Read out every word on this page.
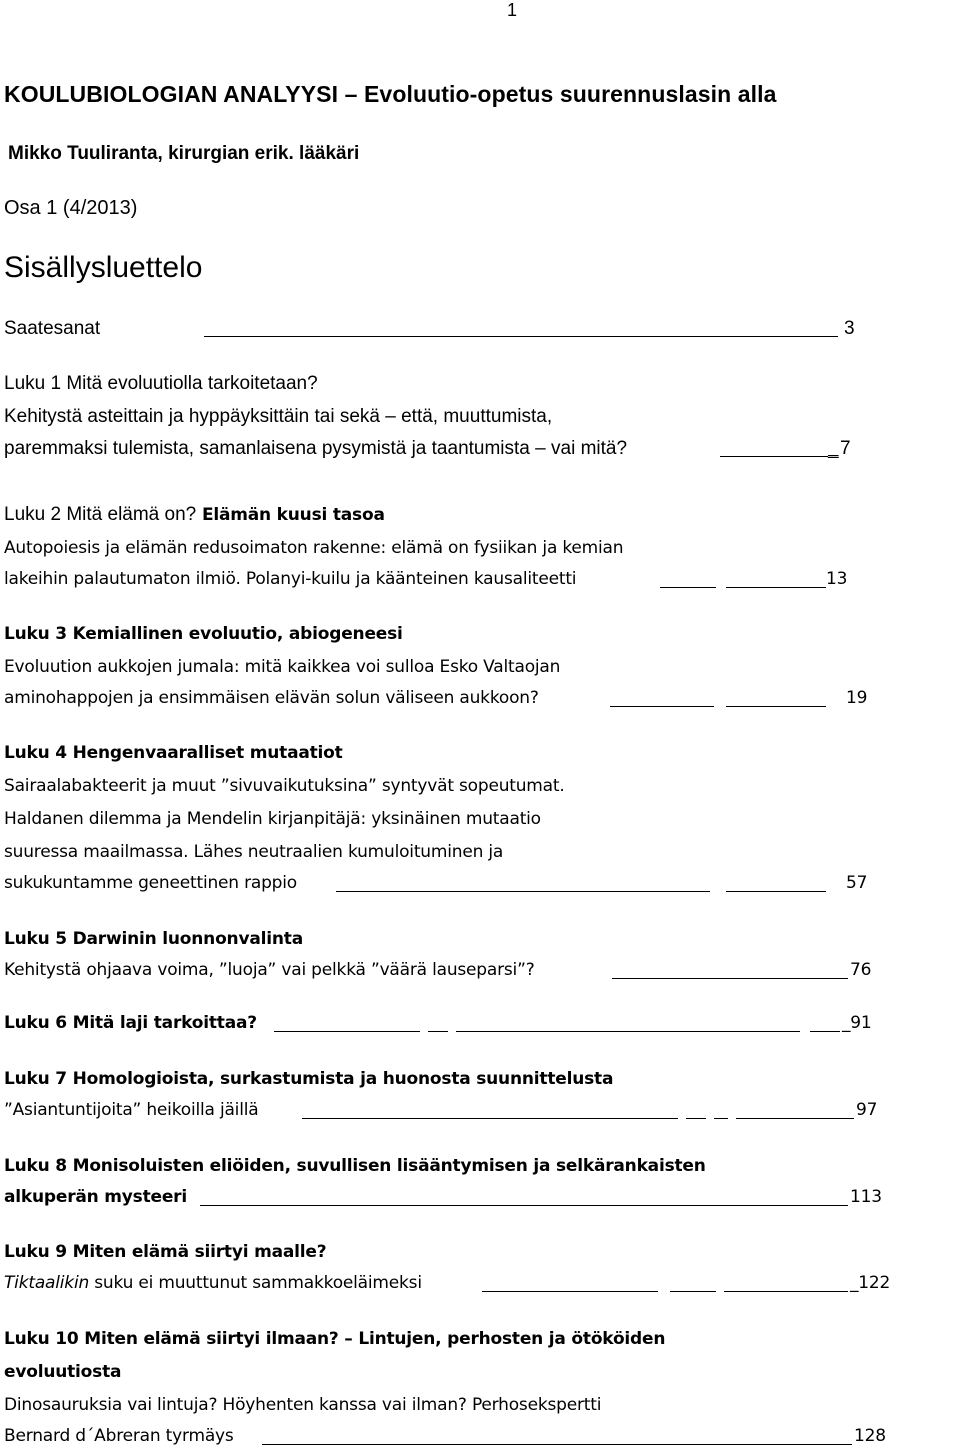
1
KOULUBIOLOGIAN ANALYYSI – Evoluutio-opetus suurennuslasin alla
Mikko Tuuliranta, kirurgian erik. lääkäri
Osa 1 (4/2013)
Sisällysluettelo
Saatesanat	3
Luku 1 Mitä evoluutiolla tarkoitetaan?
Kehitystä asteittain ja hyppäyksittäin tai sekä – että, muuttumista,
paremmaksi tulemista, samanlaisena pysymistä ja taantumista – vai mitä?	_ 7
Luku 2 Mitä elämä on? Elämän kuusi tasoa
Autopoiesis ja elämän redusoimaton rakenne: elämä on fysiikan ja kemian
lakeihin palautumaton ilmiö. Polanyi-kuilu ja käänteinen kausaliteetti	13
Luku 3 Kemiallinen evoluutio, abiogeneesi
Evoluution aukkojen jumala: mitä kaikkea voi sulloa Esko Valtaojan
aminohappojen ja ensimmäisen elävän solun väliseen aukkoon?	19
Luku 4 Hengenvaaralliset mutaatiot
Sairaalabakteerit ja muut ”sivuvaikutuksina” syntyvät sopeutumat.
Haldanen dilemma ja Mendelin kirjanpitäjä: yksinäinen mutaatio
suuressa maailmassa. Lähes neutraalien kumuloituminen ja
sukukuntamme geneettinen rappio	57
Luku 5 Darwinin luonnonvalinta
Kehitystä ohjaava voima, ”luoja” vai pelkkä ”väärä lauseparsi”?	76
Luku 6 Mitä laji tarkoittaa?	_91
Luku 7 Homologioista, surkastumista ja huonosta suunnittelusta
”Asiantuntijoita” heikoilla jäillä	97
Luku 8 Monisoluisten eliöiden, suvullisen lisääntymisen ja selkärankaisten
alkuperän mysteeri	113
Luku 9 Miten elämä siirtyi maalle?
Tiktaalikin suku ei muuttunut sammakkoeläimeksi	_122
Luku 10 Miten elämä siirtyi ilmaan? – Lintujen, perhosten ja ötököiden
evoluutiosta
Dinosauruksia vai lintuja? Höyhenten kanssa vai ilman? Perhosekspertti
Bernard d´Abreran tyrmäys	128
